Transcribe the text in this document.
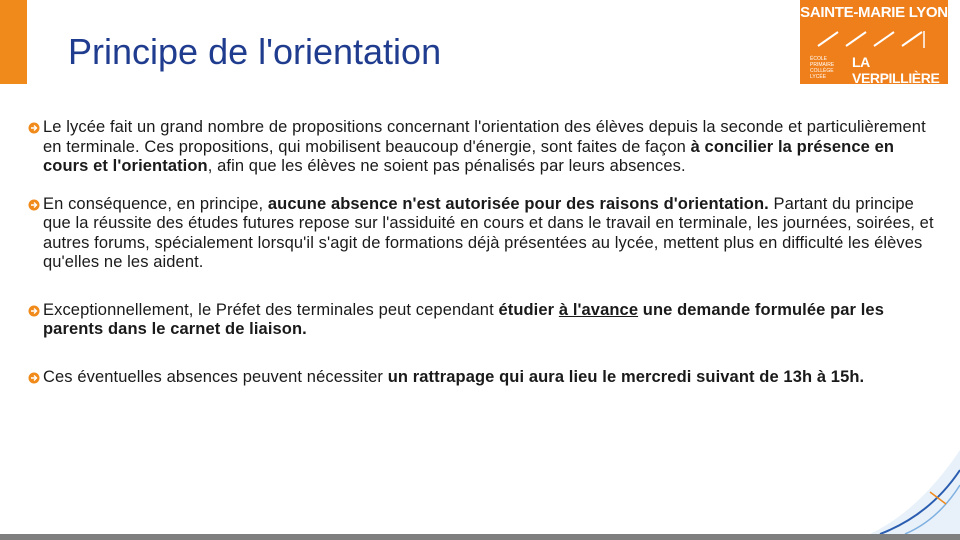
Principe de l'orientation
SAINTE-MARIE LYON
ÉCOLE PRIMAIRE COLLÈGE LYCÉE
LA VERPILLIÈRE
Le lycée fait un grand nombre de propositions concernant l'orientation des élèves depuis la seconde et particulièrement en terminale. Ces propositions, qui mobilisent beaucoup d'énergie, sont faites de façon à concilier la présence en cours et l'orientation, afin que les élèves ne soient pas pénalisés par leurs absences.
En conséquence, en principe, aucune absence n'est autorisée pour des raisons d'orientation. Partant du principe que la réussite des études futures repose sur l'assiduité en cours et dans le travail en terminale, les journées, soirées, et autres forums, spécialement lorsqu'il s'agit de formations déjà présentées au lycée, mettent plus en difficulté les élèves qu'elles ne les aident.
Exceptionnellement, le Préfet des terminales peut cependant étudier à l'avance une demande formulée par les parents dans le carnet de liaison.
Ces éventuelles absences peuvent nécessiter un rattrapage qui aura lieu le mercredi suivant de 13h à 15h.
